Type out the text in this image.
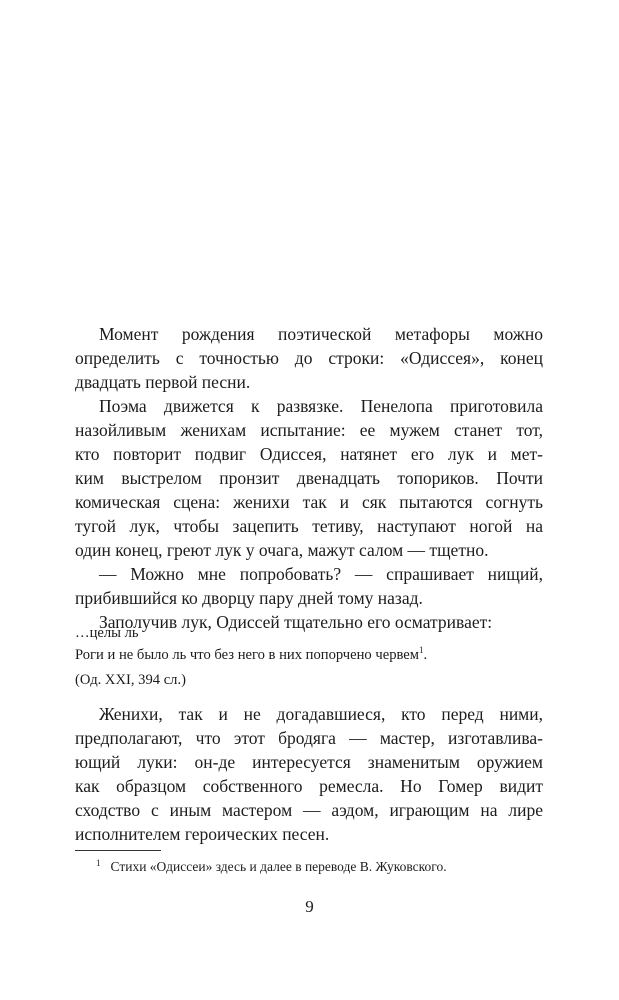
Момент рождения поэтической метафоры можно
определить с точностью до строки: «Одиссея», конец
двадцать первой песни.

Поэма движется к развязке. Пенелопа приготовила
назойливым женихам испытание: ее мужем станет тот,
кто повторит подвиг Одиссея, натянет его лук и мет-
ким выстрелом пронзит двенадцать топориков. Почти
комическая сцена: женихи так и сяк пытаются согнуть
тугой лук, чтобы зацепить тетиву, наступают ногой на
один конец, греют лук у очага, мажут салом — тщетно.

— Можно мне попробовать? — спрашивает нищий,
прибившийся ко дворцу пару дней тому назад.

Заполучив лук, Одиссей тщательно его осматривает:

…целы ль
Роги и не было ль что без него в них попорчено червем$^1$.
(Од. XXI, 394 сл.)

Женихи, так и не догадавшиеся, кто перед ними,
предполагают, что этот бродяга — мастер, изготавлива-
ющий луки: он-де интересуется знаменитым оружием
как образцом собственного ремесла. Но Гомер видит
сходство с иным мастером — аэдом, играющим на лире
исполнителем героических песен.

$^1$ Стихи «Одиссеи» здесь и далее в переводе В. Жуковского.
9
